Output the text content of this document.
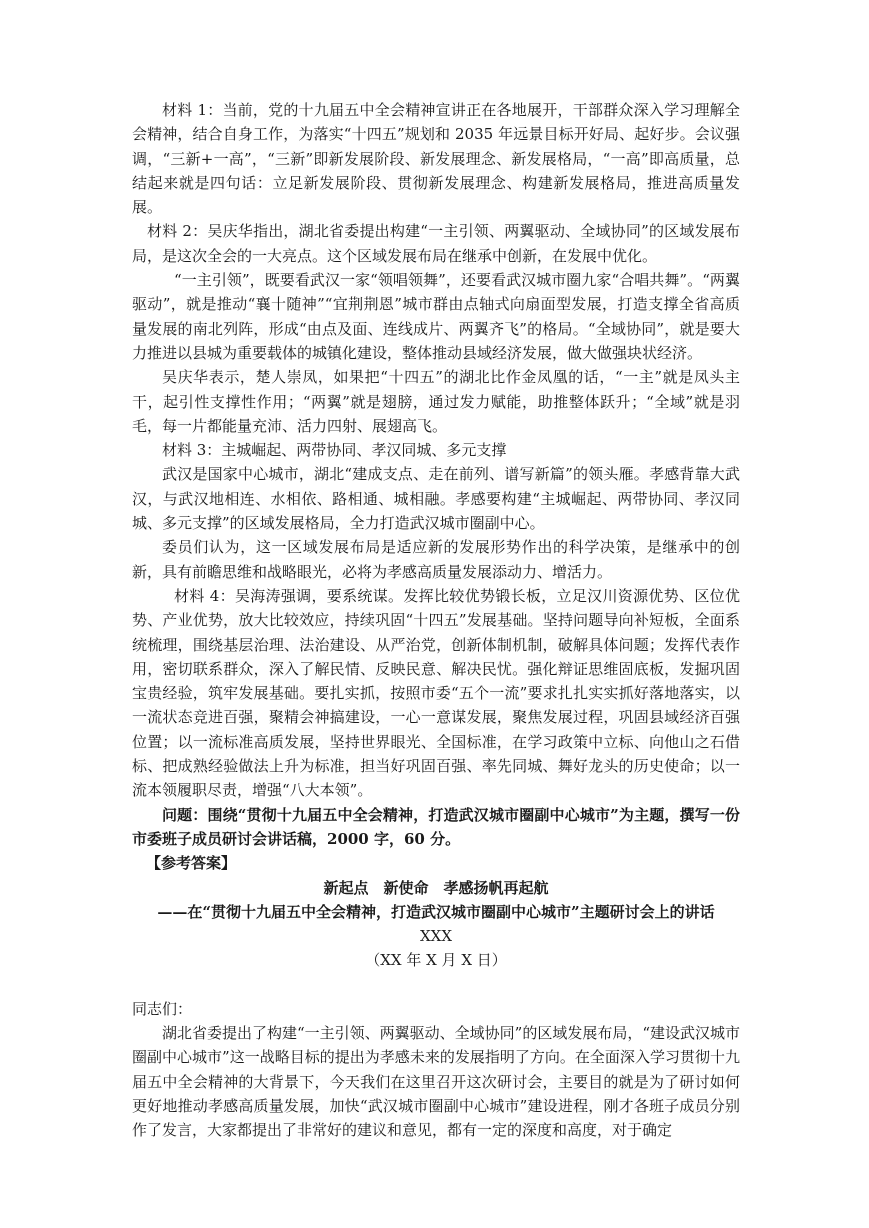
材料 1：当前，党的十九届五中全会精神宣讲正在各地展开，干部群众深入学习理解全会精神，结合自身工作，为落实“十四五”规划和 2035 年远景目标开好局、起好步。会议强调，“三新+一高”，“三新”即新发展阶段、新发展理念、新发展格局，“一高”即高质量，总结起来就是四句话：立足新发展阶段、贯彻新发展理念、构建新发展格局，推进高质量发展。

材料 2：吴庆华指出，湖北省委提出构建“一主引领、两翼驱动、全域协同”的区域发展布局，是这次全会的一大亮点。这个区域发展布局在继承中创新，在发展中优化。

“一主引领”，既要看武汉一家“领唱领舞”，还要看武汉城市圈九家“合唱共舞”。“两翼驱动”，就是推动“襄十随神”“宜荆荆恩”城市群由点轴式向扇面型发展，打造支撑全省高质量发展的南北列阵，形成“由点及面、连线成片、两翼齐飞”的格局。“全域协同”，就是要大力推进以县城为重要载体的城镇化建设，整体推动县域经济发展，做大做强块状经济。

吴庆华表示，楚人崇凤，如果把“十四五”的湖北比作金凤凰的话，“一主”就是凤头主干，起引性支撑性作用；“两翼”就是翅膀，通过发力赋能，助推整体跃升；“全域”就是羽毛，每一片都能量充沛、活力四射、展翅高飞。

材料 3：主城崛起、两带协同、孝汉同城、多元支撑

武汉是国家中心城市，湖北“建成支点、走在前列、谱写新篇”的领头雁。孝感背靠大武汉，与武汉地相连、水相依、路相通、城相融。孝感要构建“主城崛起、两带协同、孝汉同城、多元支撑”的区域发展格局，全力打造武汉城市圈副中心。

委员们认为，这一区域发展布局是适应新的发展形势作出的科学决策，是继承中的创新，具有前瞻思维和战略眼光，必将为孝感高质量发展添动力、增活力。

材料 4：吴海涛强调，要系统谋。发挥比较优势锻长板，立足汉川资源优势、区位优势、产业优势，放大比较效应，持续巩固“十四五”发展基础。坚持问题导向补短板，全面系统梳理，围绕基层治理、法治建设、从严治党，创新体制机制，破解具体问题；发挥代表作用，密切联系群众，深入了解民情、反映民意、解决民忧。强化辩证思维固底板，发掘巩固宝贵经验，筑牢发展基础。要扎实抓，按照市委“五个一流”要求扎扎实实抓好落地落实，以一流状态竞进百强，聚精会神搞建设，一心一意谋发展，聚焦发展过程，巩固县域经济百强位置；以一流标准高质发展，坚持世界眼光、全国标准，在学习政策中立标、向他山之石借标、把成熟经验做法上升为标准，担当好巩固百强、率先同城、舞好龙头的历史使命；以一流本领履职尽责，增强“八大本领”。

问题：围绕“贯彻十九届五中全会精神，打造武汉城市圈副中心城市”为主题，撰写一份市委班子成员研讨会讲话稿，2000 字，60 分。

【参考答案】

新起点　新使命　孝感扬帆再起航

——在“贯彻十九届五中全会精神，打造武汉城市圈副中心城市”主题研讨会上的讲话

XXX

（XX 年 X 月 X 日）

同志们：

湖北省委提出了构建“一主引领、两翼驱动、全域协同”的区域发展布局，“建设武汉城市圈副中心城市”这一战略目标的提出为孝感未来的发展指明了方向。在全面深入学习贯彻十九届五中全会精神的大背景下，今天我们在这里召开这次研讨会，主要目的就是为了研讨如何更好地推动孝感高质量发展，加快“武汉城市圈副中心城市”建设进程，刚才各班子成员分别作了发言，大家都提出了非常好的建议和意见，都有一定的深度和高度，对于确定
